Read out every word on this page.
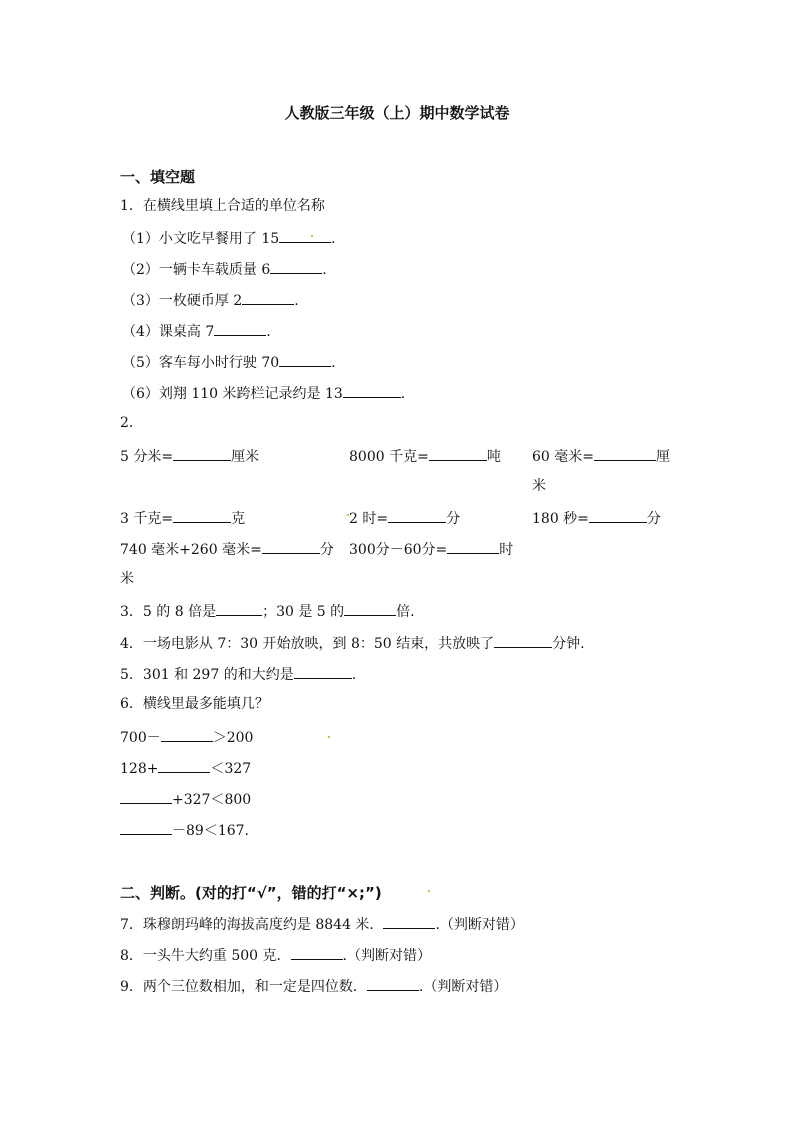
人教版三年级（上）期中数学试卷
一、填空题
1．在横线里填上合适的单位名称
（1）小文吃早餐用了 15	.
（2）一辆卡车载质量 6	.
（3）一枚硬币厚 2	.
（4）课桌高 7	.
（5）客车每小时行驶 70	.
（6）刘翔 110 米跨栏记录约是 13	.
2．
5 分米=	厘米	8000 千克=	吨 60 毫米=	厘
米
3 千克=	克	2 时=	分	180 秒=	分
740 毫米+260 毫米=	分 300分－60分=	时
米
3．5 的 8 倍是	；30 是 5 的	倍.
4．一场电影从 7：30 开始放映，到 8：50 结束，共放映了	分钟.
5．301 和 297 的和大约是	.
6．横线里最多能填几？
700－	＞200
128+	＜327
+327＜800
－89＜167.
二、判断。(对的打“√”，错的打“×;”)
7．珠穆朗玛峰的海拔高度约是 8844 米．	.（判断对错）
8．一头牛大约重 500 克．	.（判断对错）
9．两个三位数相加，和一定是四位数．	.（判断对错）
